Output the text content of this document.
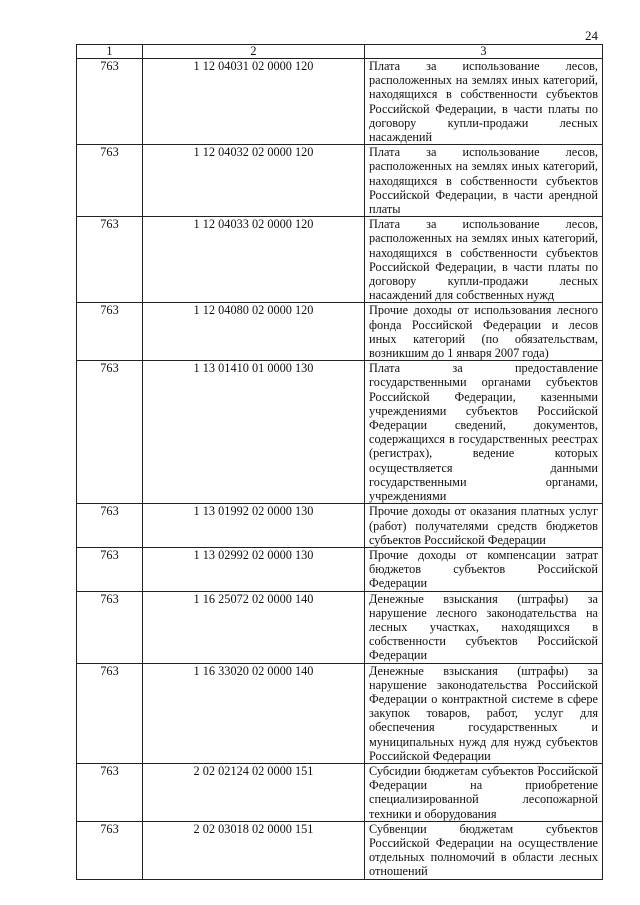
24
1	2	3
763	1 12 04031 02 0000 120	Плата за использование лесов, расположенных на землях иных категорий, находящихся в собственности субъектов Российской Федерации, в части платы по договору купли-продажи лесных насаждений
763	1 12 04032 02 0000 120	Плата за использование лесов, расположенных на землях иных категорий, находящихся в собственности субъектов Российской Федерации, в части арендной платы
763	1 12 04033 02 0000 120	Плата за использование лесов, расположенных на землях иных категорий, находящихся в собственности субъектов Российской Федерации, в части платы по договору купли-продажи лесных насаждений для собственных нужд
763	1 12 04080 02 0000 120	Прочие доходы от использования лесного фонда Российской Федерации и лесов иных категорий (по обязательствам, возникшим до 1 января 2007 года)
763	1 13 01410 01 0000 130	Плата за предоставление государственными органами субъектов Российской Федерации, казенными учреждениями субъектов Российской Федерации сведений, документов, содержащихся в государственных реестрах (регистрах), ведение которых осуществляется данными государственными органами, учреждениями
763	1 13 01992 02 0000 130	Прочие доходы от оказания платных услуг (работ) получателями средств бюджетов субъектов Российской Федерации
763	1 13 02992 02 0000 130	Прочие доходы от компенсации затрат бюджетов субъектов Российской Федерации
763	1 16 25072 02 0000 140	Денежные взыскания (штрафы) за нарушение лесного законодательства на лесных участках, находящихся в собственности субъектов Российской Федерации
763	1 16 33020 02 0000 140	Денежные взыскания (штрафы) за нарушение законодательства Российской Федерации о контрактной системе в сфере закупок товаров, работ, услуг для обеспечения государственных и муниципальных нужд для нужд субъектов Российской Федерации
763	2 02 02124 02 0000 151	Субсидии бюджетам субъектов Российской Федерации на приобретение специализированной лесопожарной техники и оборудования
763	2 02 03018 02 0000 151	Субвенции бюджетам субъектов Российской Федерации на осуществление отдельных полномочий в области лесных отношений
